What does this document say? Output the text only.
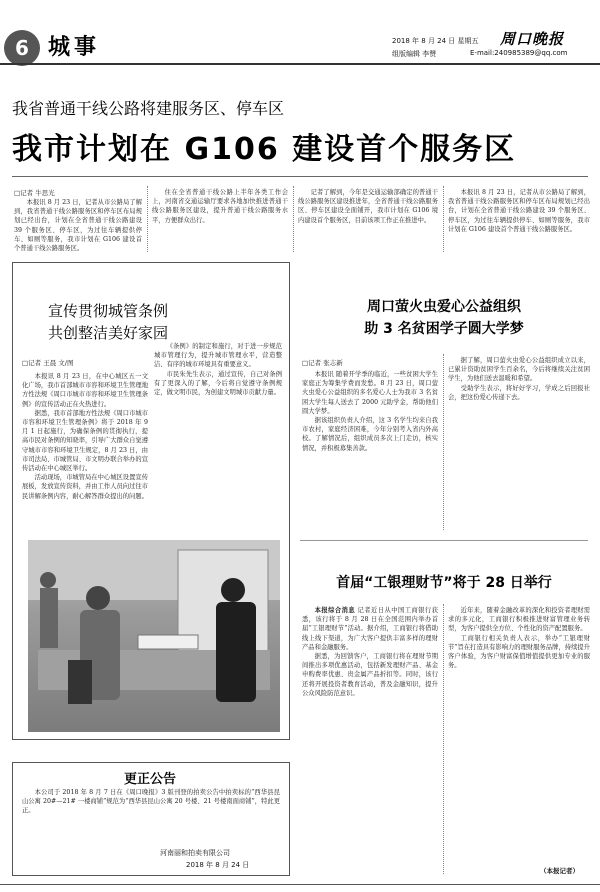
6 城事	2018 年 8 月 24 日 星期五 周口晚报
组版编辑 李赞	E-mail:240985389@qq.com
我省普通干线公路将建服务区、停车区
我市计划在 G106 建设首个服务区
□记者 牛思光

本报讯 8 月 23 日，记者从市公路局了解到，我省普通干线公路服务区和停车区布局规划已经出台，计划在全省普通干线公路建设 39 个服务区、停车区，为过往车辆提供停车、如厕等服务，我市计划在 G106 建设首个普通干线公路服务区。

住在全省普通干线公路上半年各类工作会上，河南省交通运输厅要求各地加快推进普通干线公路服务区建设，提升普通干线公路服务水平，方便群众出行。

记者了解到，今年是交通运输部确定的普通干线公路服务区建设推进年，全省普通干线公路服务区、停车区建设全面铺开，我市计划在 G106 境内建设首个服务区，目前该项工作正在推进中。

本报讯 8 月 23 日，记者从市公路局了解到，我省普通干线公路服务区和停车区布局规划已经出台，计划在全省普通干线公路建设 39 个服务区、停车区，为过往车辆提供停车、如厕等服务，我市计划在 G106 建设首个普通干线公路服务区。

宣传贯彻城管条例
共创整洁美好家园
□记者 王晨 文/图

本报讯 8 月 23 日，在中心城区五一文化广场，我市首部城市市容和环境卫生管理地方性法规《周口市城市市容和环境卫生管理条例》的宣传活动正在火热进行。

据悉，我市首部地方性法规《周口市城市市容和环境卫生管理条例》将于 2018 年 9 月 1 日起施行，为确保条例的贯彻执行，提高市民对条例的知晓率，引导广大群众自觉遵守城市市容和环境卫生规定，8 月 23 日，由市司法局、市城管局、市文明办联合举办的宣传活动在中心城区举行。

活动现场，市城管局在中心城区设置宣传展板，发放宣传资料，并由工作人员向过往市民讲解条例内容，耐心解答群众提出的问题。

《条例》的制定和施行，对于进一步规范城市管理行为，提升城市管理水平，营造整洁、有序的城市环境具有重要意义。

市民朱先生表示，通过宣传，自己对条例有了更深入的了解，今后将自觉遵守条例规定，做文明市民，为创建文明城市贡献力量。

周口萤火虫爱心公益组织
助 3 名贫困学子圆大学梦
□记者 张志新

本报讯 随着开学季的临近，一些贫困大学生家庭正为筹集学费而发愁。8 月 23 日，周口萤火虫爱心公益组织的多名爱心人士为我市 3 名贫困大学生每人送去了 2000 元助学金，帮助他们圆大学梦。

据该组织负责人介绍，这 3 名学生均来自我市农村，家庭经济困难，今年分别考入省内外高校。了解情况后，组织成员多次上门走访，核实情况，并积极募集善款。

据了解，周口萤火虫爱心公益组织成立以来，已累计资助贫困学生百余名，今后将继续关注贫困学生，为他们送去温暖和希望。

受助学生表示，将好好学习，学成之后回报社会，把这份爱心传递下去。

首届“工银理财节”将于 28 日举行

本报综合消息 记者近日从中国工商银行获悉，该行将于 8 月 28 日在全国范围内举办首届“工银理财节”活动。据介绍，工商银行将借助线上线下渠道，为广大客户提供丰富多样的理财产品和金融服务。

据悉，为回馈客户，工商银行将在理财节期间推出多项优惠活动，包括新发理财产品、基金申购费率优惠、贵金属产品折扣等。同时，该行还将开展投资者教育活动，普及金融知识，提升公众风险防范意识。

近年来，随着金融改革的深化和投资者理财需求的多元化，工商银行积极推进财富管理业务转型，为客户提供全方位、个性化的资产配置服务。

工商银行相关负责人表示，举办“工银理财节”旨在打造具有影响力的理财服务品牌，持续提升客户体验，为客户财富保值增值提供更加专业的服务。

（本报记者）
更正公告

本公司于 2018 年 8 月 7 日在《周口晚报》3 版刊登的拍卖公告中拍卖标的“西华县昆山公寓 20#—21# 一楼商铺”规范为“西华县昆山公寓 20 号楼、21 号楼南面商铺”，特此更正。

河南丽和拍卖有限公司
2018 年 8 月 24 日
